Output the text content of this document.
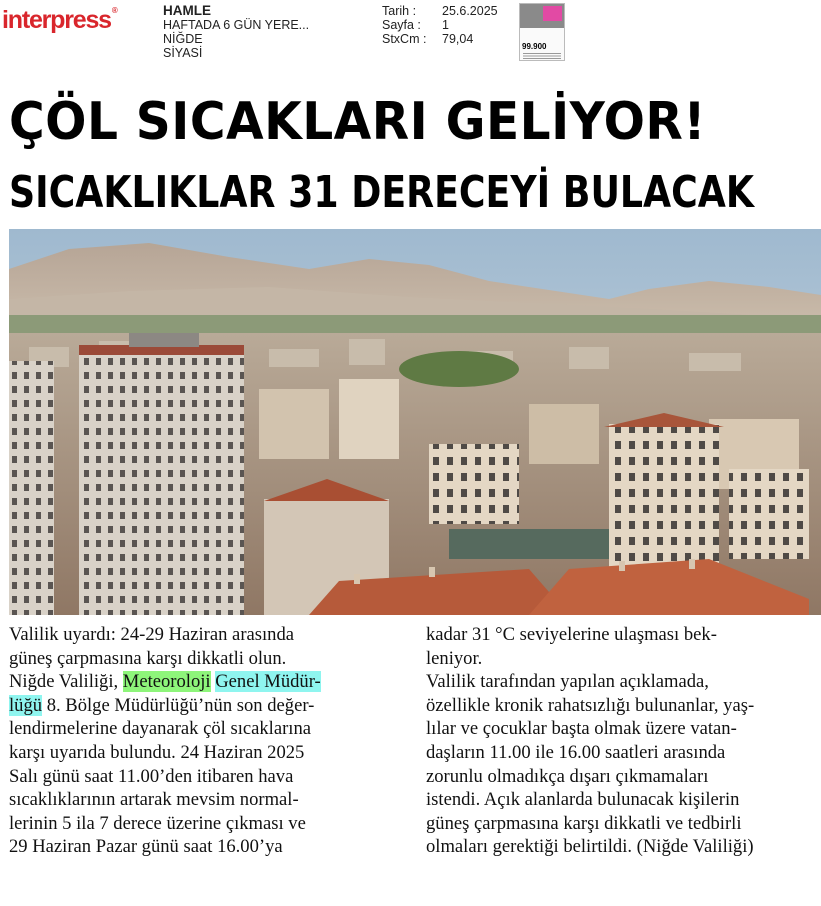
interpress®	HAMLE
HAFTADA 6 GÜN YERE...
NİĞDE
SİYASİ
Tarih :	25.6.2025
Sayfa :	1
StxCm :	79,04
99.900
ÇÖL SICAKLARI GELİYOR!
SICAKLIKLAR 31 DERECEYİ BULACAK

Valilik uyardı: 24-29 Haziran arasında
güneş çarpmasına karşı dikkatli olun.
Niğde Valiliği, Meteoroloji Genel Müdür-
lüğü 8. Bölge Müdürlüğü’nün son değer-
lendirmelerine dayanarak çöl sıcaklarına
karşı uyarıda bulundu. 24 Haziran 2025
Salı günü saat 11.00’den itibaren hava
sıcaklıklarının artarak mevsim normal-
lerinin 5 ila 7 derece üzerine çıkması ve
29 Haziran Pazar günü saat 16.00’ya

kadar 31 °C seviyelerine ulaşması bek-
leniyor.
Valilik tarafından yapılan açıklamada,
özellikle kronik rahatsızlığı bulunanlar, yaş-
lılar ve çocuklar başta olmak üzere vatan-
daşların 11.00 ile 16.00 saatleri arasında
zorunlu olmadıkça dışarı çıkmamaları
istendi. Açık alanlarda bulunacak kişilerin
güneş çarpmasına karşı dikkatli ve tedbirli
olmaları gerektiği belirtildi. (Niğde Valiliği)
